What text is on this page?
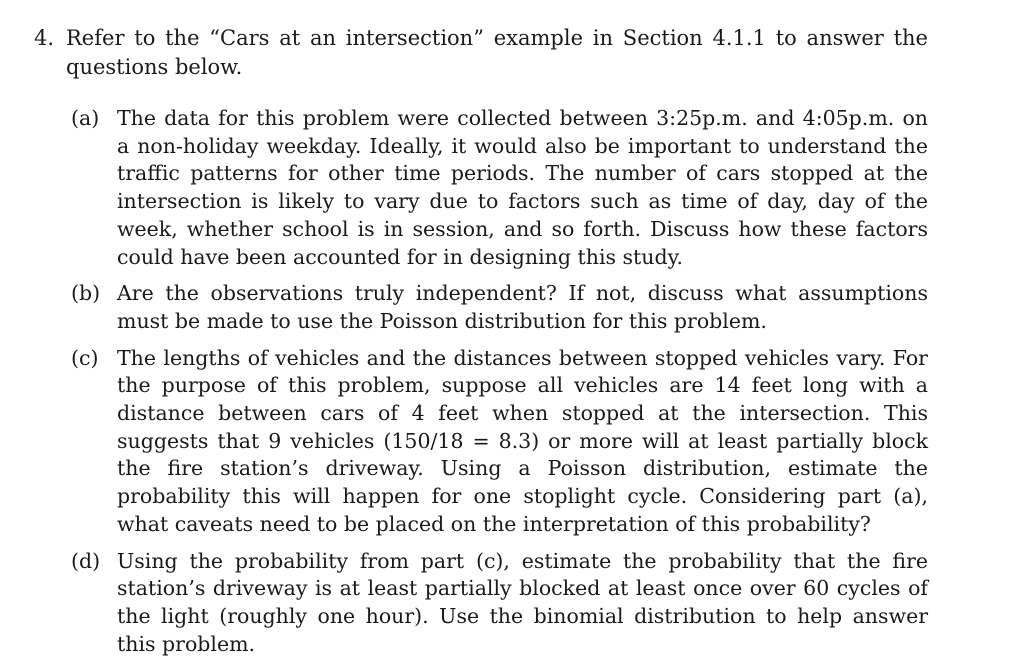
4. Refer to the “Cars at an intersection” example in Section 4.1.1 to answer the questions below.
(a) The data for this problem were collected between 3:25p.m. and 4:05p.m. on a non-holiday weekday. Ideally, it would also be important to understand the traffic patterns for other time periods. The number of cars stopped at the intersection is likely to vary due to factors such as time of day, day of the week, whether school is in session, and so forth. Discuss how these factors could have been accounted for in designing this study.
(b) Are the observations truly independent? If not, discuss what assumptions must be made to use the Poisson distribution for this problem.
(c) The lengths of vehicles and the distances between stopped vehicles vary. For the purpose of this problem, suppose all vehicles are 14 feet long with a distance between cars of 4 feet when stopped at the intersection. This suggests that 9 vehicles (150/18 = 8.3) or more will at least partially block the fire station’s driveway. Using a Poisson distribution, estimate the probability this will happen for one stoplight cycle. Considering part (a), what caveats need to be placed on the interpretation of this probability?
(d) Using the probability from part (c), estimate the probability that the fire station’s driveway is at least partially blocked at least once over 60 cycles of the light (roughly one hour). Use the binomial distribution to help answer this problem.
